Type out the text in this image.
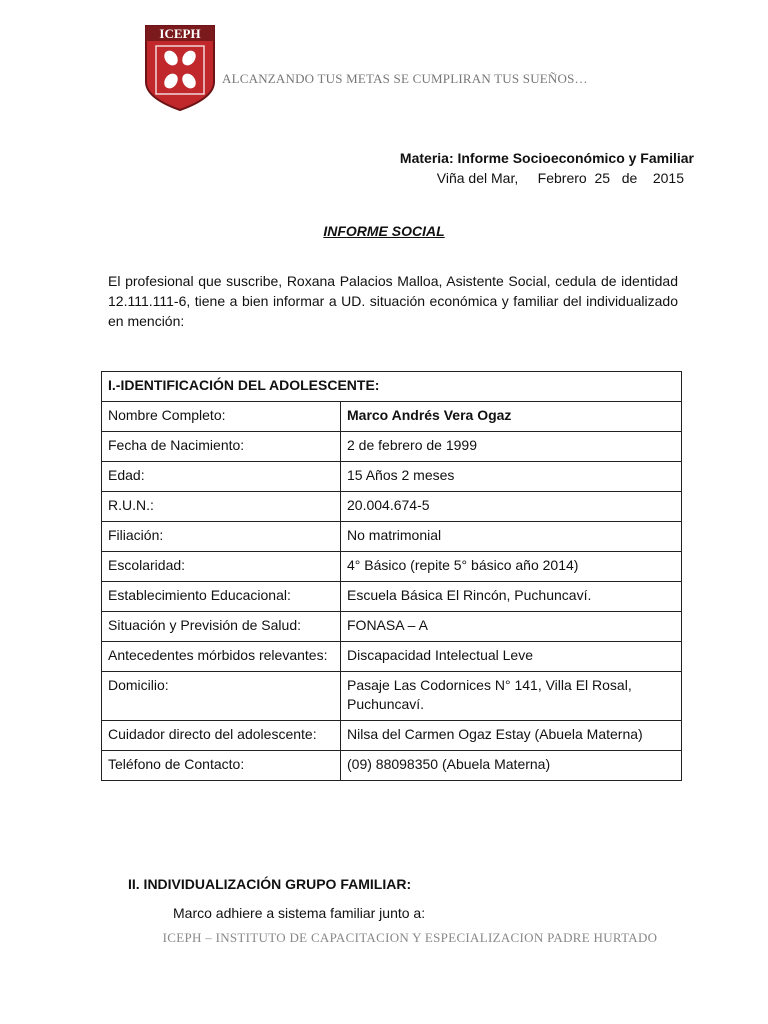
ICEPH
ALCANZANDO TUS METAS SE CUMPLIRAN TUS SUEÑOS…
Materia: Informe Socioeconómico y Familiar
Viña del Mar,     Febrero  25   de    2015
INFORME SOCIAL
El profesional que suscribe, Roxana Palacios Malloa, Asistente Social, cedula de identidad 12.111.111-6, tiene a bien informar a UD. situación económica y familiar del individualizado en mención:
I.-IDENTIFICACIÓN DEL ADOLESCENTE:	
Nombre Completo:	Marco Andrés Vera Ogaz
Fecha de Nacimiento:	2 de febrero de 1999
Edad:	15 Años 2 meses
R.U.N.:	20.004.674-5
Filiación:	No matrimonial
Escolaridad:	4° Básico (repite 5° básico año 2014)
Establecimiento Educacional:	Escuela Básica El Rincón, Puchuncaví.
Situación y Previsión de Salud:	FONASA – A
Antecedentes mórbidos relevantes:	Discapacidad Intelectual Leve
Domicilio:	Pasaje Las Codornices N° 141, Villa El Rosal, Puchuncaví.
Cuidador directo del adolescente:	Nilsa del Carmen Ogaz Estay (Abuela Materna)
Teléfono de Contacto:	(09) 88098350 (Abuela Materna)
II. INDIVIDUALIZACIÓN GRUPO FAMILIAR:
Marco adhiere a sistema familiar junto a:
ICEPH – INSTITUTO DE CAPACITACION Y ESPECIALIZACION PADRE HURTADO
